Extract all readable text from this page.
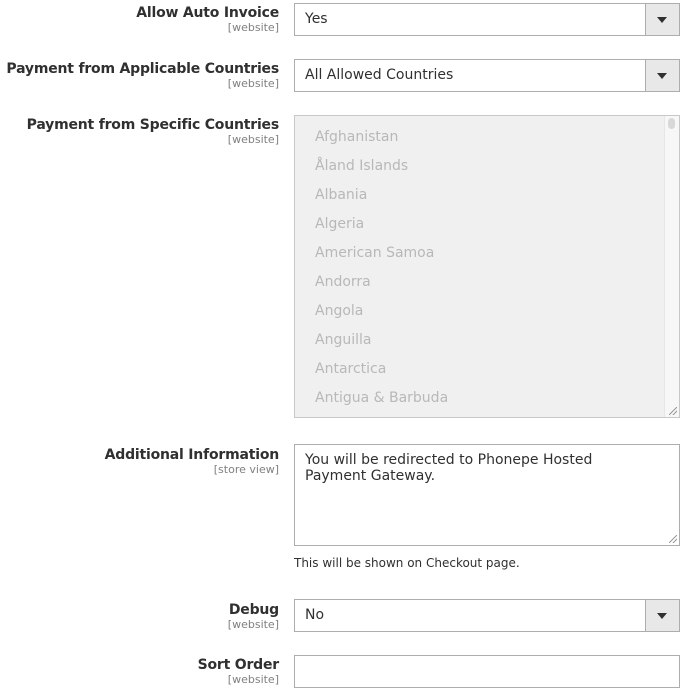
Allow Auto Invoice
[website]
Yes
Payment from Applicable Countries
[website]
All Allowed Countries
Payment from Specific Countries
[website]	Afghanistan
Åland Islands
Albania
Algeria
American Samoa
Andorra
Angola
Anguilla
Antarctica
Antigua & Barbuda
Additional Information
[store view]
You will be redirected to Phonepe Hosted Payment Gateway.
This will be shown on Checkout page.
Debug
[website]
No
Sort Order
[website]
